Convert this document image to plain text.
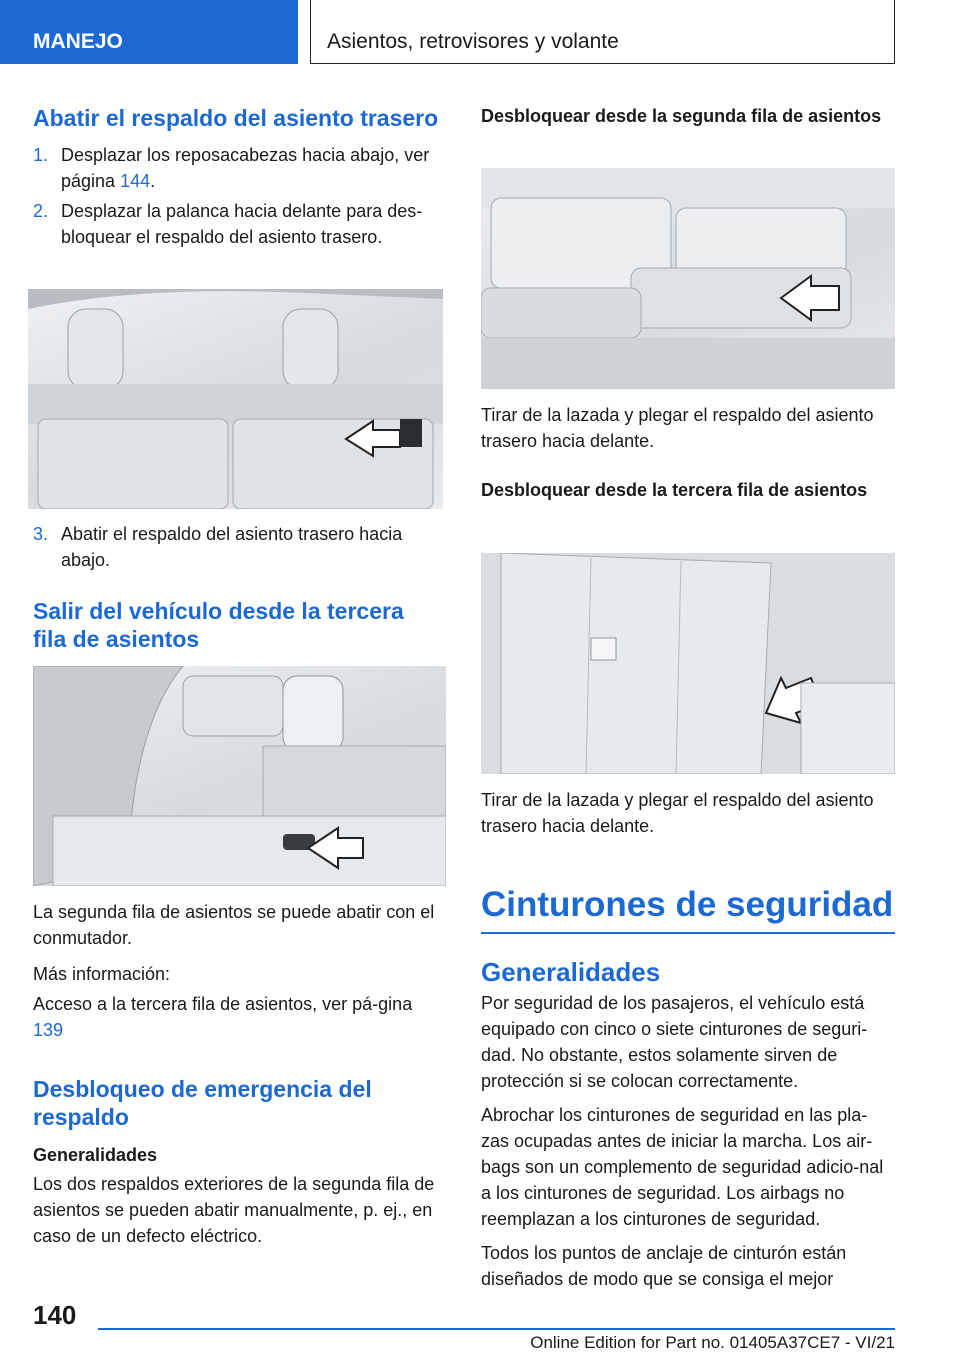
MANEJO	Asientos, retrovisores y volante
Abatir el respaldo del asiento trasero
1. Desplazar los reposacabezas hacia abajo, ver página 144.
2. Desplazar la palanca hacia delante para des‐bloquear el respaldo del asiento trasero.
3. Abatir el respaldo del asiento trasero hacia abajo.
Salir del vehículo desde la tercera fila de asientos

La segunda fila de asientos se puede abatir con el conmutador.

Más información:

Acceso a la tercera fila de asientos, ver pá‐gina 139

Desbloqueo de emergencia del respaldo
Generalidades

Los dos respaldos exteriores de la segunda fila de asientos se pueden abatir manualmente, p. ej., en caso de un defecto eléctrico.

Desbloquear desde la segunda fila de asientos

Tirar de la lazada y plegar el respaldo del asiento trasero hacia delante.

Desbloquear desde la tercera fila de asientos

Tirar de la lazada y plegar el respaldo del asiento trasero hacia delante.

Cinturones de seguridad
Generalidades

Por seguridad de los pasajeros, el vehículo está equipado con cinco o siete cinturones de seguri‐dad. No obstante, estos solamente sirven de protección si se colocan correctamente.

Abrochar los cinturones de seguridad en las pla‐zas ocupadas antes de iniciar la marcha. Los air‐bags son un complemento de seguridad adicio‐nal a los cinturones de seguridad. Los airbags no reemplazan a los cinturones de seguridad.

Todos los puntos de anclaje de cinturón están diseñados de modo que se consiga el mejor

140
Online Edition for Part no. 01405A37CE7 - VI/21
